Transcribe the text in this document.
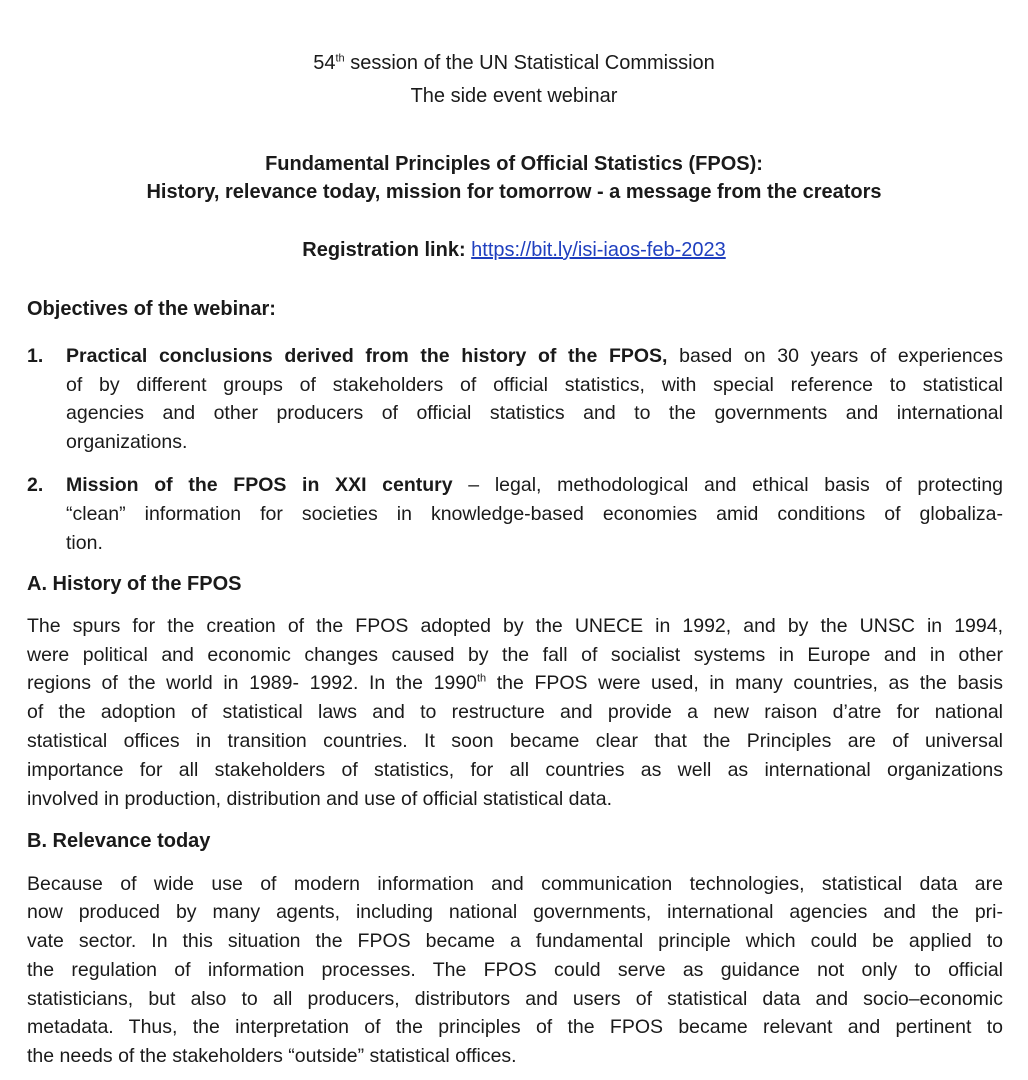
54th session of the UN Statistical Commission
The side event webinar
Fundamental Principles of Official Statistics (FPOS):
History, relevance today, mission for tomorrow - a message from the creators
Registration link: https://bit.ly/isi-iaos-feb-2023
Objectives of the webinar:
1. Practical conclusions derived from the history of the FPOS, based on 30 years of experiences
of by different groups of stakeholders of official statistics, with special reference to statistical
agencies and other producers of official statistics and to the governments and international
organizations.
2. Mission of the FPOS in XXI century – legal, methodological and ethical basis of protecting
“clean” information for societies in knowledge-based economies amid conditions of globaliza-
tion.
A. History of the FPOS
The spurs for the creation of the FPOS adopted by the UNECE in 1992, and by the UNSC in 1994,
were political and economic changes caused by the fall of socialist systems in Europe and in other
regions of the world in 1989- 1992. In the 1990th the FPOS were used, in many countries, as the basis
of the adoption of statistical laws and to restructure and provide a new raison d’atre for national
statistical offices in transition countries. It soon became clear that the Principles are of universal
importance for all stakeholders of statistics, for all countries as well as international organizations
involved in production, distribution and use of official statistical data.
B. Relevance today
Because of wide use of modern information and communication technologies, statistical data are
now produced by many agents, including national governments, international agencies and the pri-
vate sector. In this situation the FPOS became a fundamental principle which could be applied to
the regulation of information processes. The FPOS could serve as guidance not only to official
statisticians, but also to all producers, distributors and users of statistical data and socio–economic
metadata. Thus, the interpretation of the principles of the FPOS became relevant and pertinent to
the needs of the stakeholders “outside” statistical offices.
